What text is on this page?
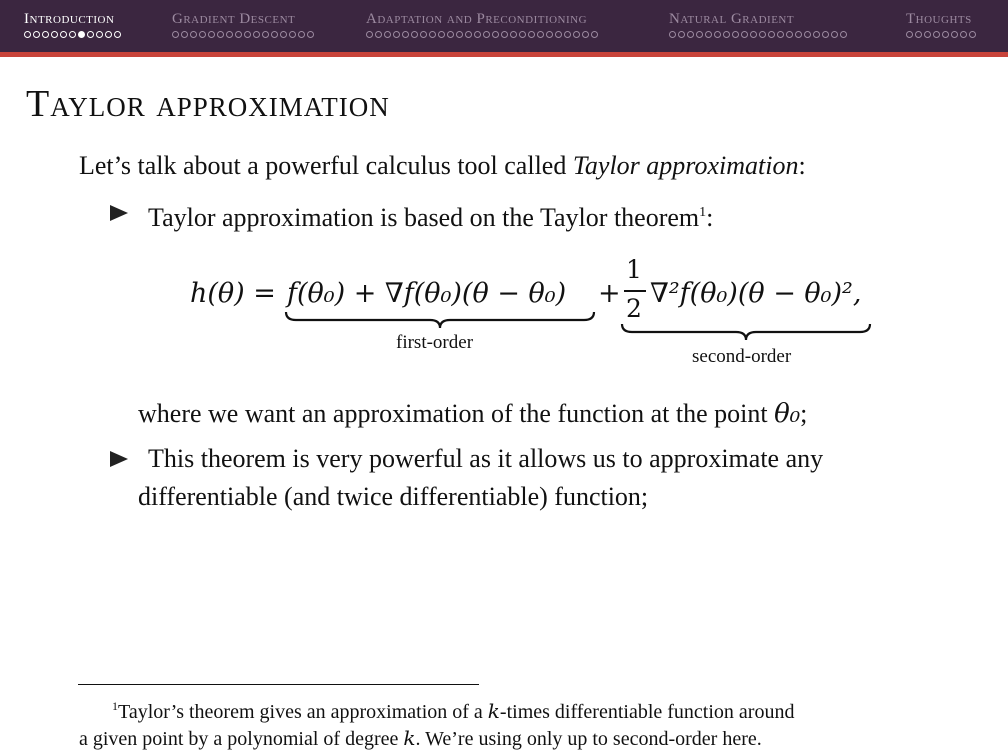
Introduction	Gradient Descent	Adaptation and Preconditioning	Natural Gradient	Thoughts
Taylor approximation
Let’s talk about a powerful calculus tool called Taylor approximation:
Taylor approximation is based on the Taylor theorem$^1$:
h(θ) = f(θ₀) + ∇f(θ₀)(θ − θ₀) +
1
2 ∇²f(θ₀)(θ − θ₀)²,
first-order
second-order
where we want an approximation of the function at the point θ₀;
This theorem is very powerful as it allows us to approximate any
differentiable (and twice differentiable) function;
$^1$Taylor’s theorem gives an approximation of a k-times differentiable function around
a given point by a polynomial of degree k. We’re using only up to second-order here.
